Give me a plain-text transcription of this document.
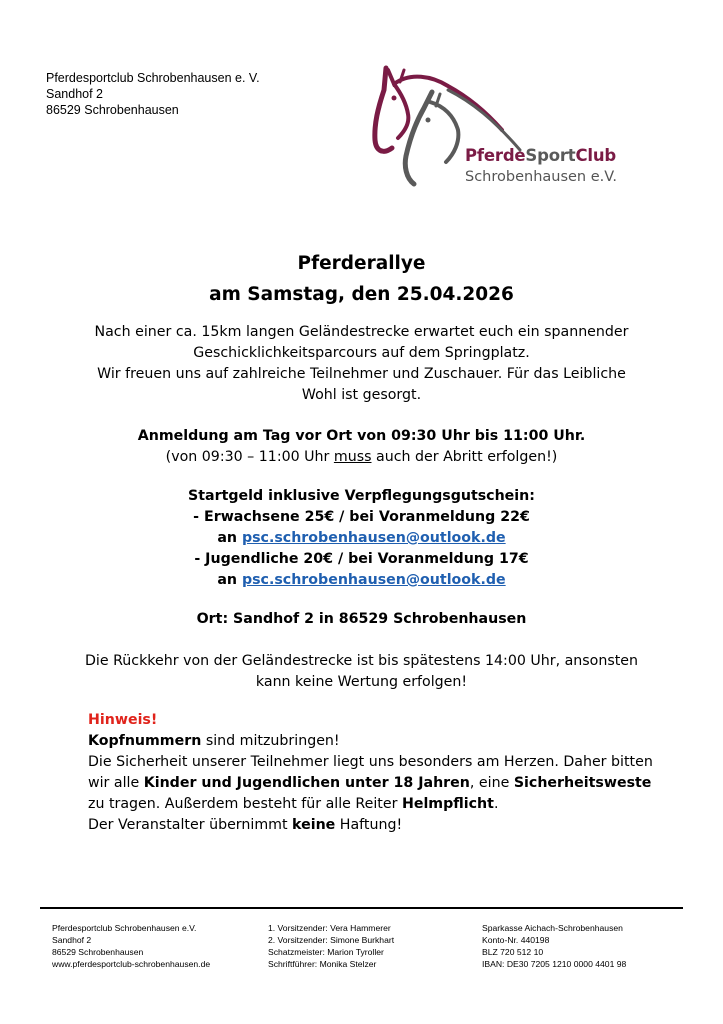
Pferdesportclub Schrobenhausen e. V.
Sandhof 2
86529 Schrobenhausen
PferdeSportClub
Schrobenhausen e.V.
Pferderallye
am Samstag, den 25.04.2026
Nach einer ca. 15km langen Geländestrecke erwartet euch ein spannender
Geschicklichkeitsparcours auf dem Springplatz.
Wir freuen uns auf zahlreiche Teilnehmer und Zuschauer. Für das Leibliche
Wohl ist gesorgt.
Anmeldung am Tag vor Ort von 09:30 Uhr bis 11:00 Uhr.
(von 09:30 – 11:00 Uhr muss auch der Abritt erfolgen!)
Startgeld inklusive Verpflegungsgutschein:
- Erwachsene 25€ / bei Voranmeldung 22€
an psc.schrobenhausen@outlook.de
- Jugendliche 20€ / bei Voranmeldung 17€
an psc.schrobenhausen@outlook.de
Ort: Sandhof 2 in 86529 Schrobenhausen
Die Rückkehr von der Geländestrecke ist bis spätestens 14:00 Uhr, ansonsten
kann keine Wertung erfolgen!
Hinweis!
Kopfnummern sind mitzubringen!
Die Sicherheit unserer Teilnehmer liegt uns besonders am Herzen. Daher bitten
wir alle Kinder und Jugendlichen unter 18 Jahren, eine Sicherheitsweste
zu tragen. Außerdem besteht für alle Reiter Helmpflicht.
Der Veranstalter übernimmt keine Haftung!
Pferdesportclub Schrobenhausen e.V.
Sandhof 2
86529 Schrobenhausen
www.pferdesportclub-schrobenhausen.de
1. Vorsitzender: Vera Hammerer
2. Vorsitzender: Simone Burkhart
Schatzmeister: Marion Tyroller
Schriftführer: Monika Stelzer
Sparkasse Aichach-Schrobenhausen
Konto-Nr. 440198
BLZ 720 512 10
IBAN: DE30 7205 1210 0000 4401 98
